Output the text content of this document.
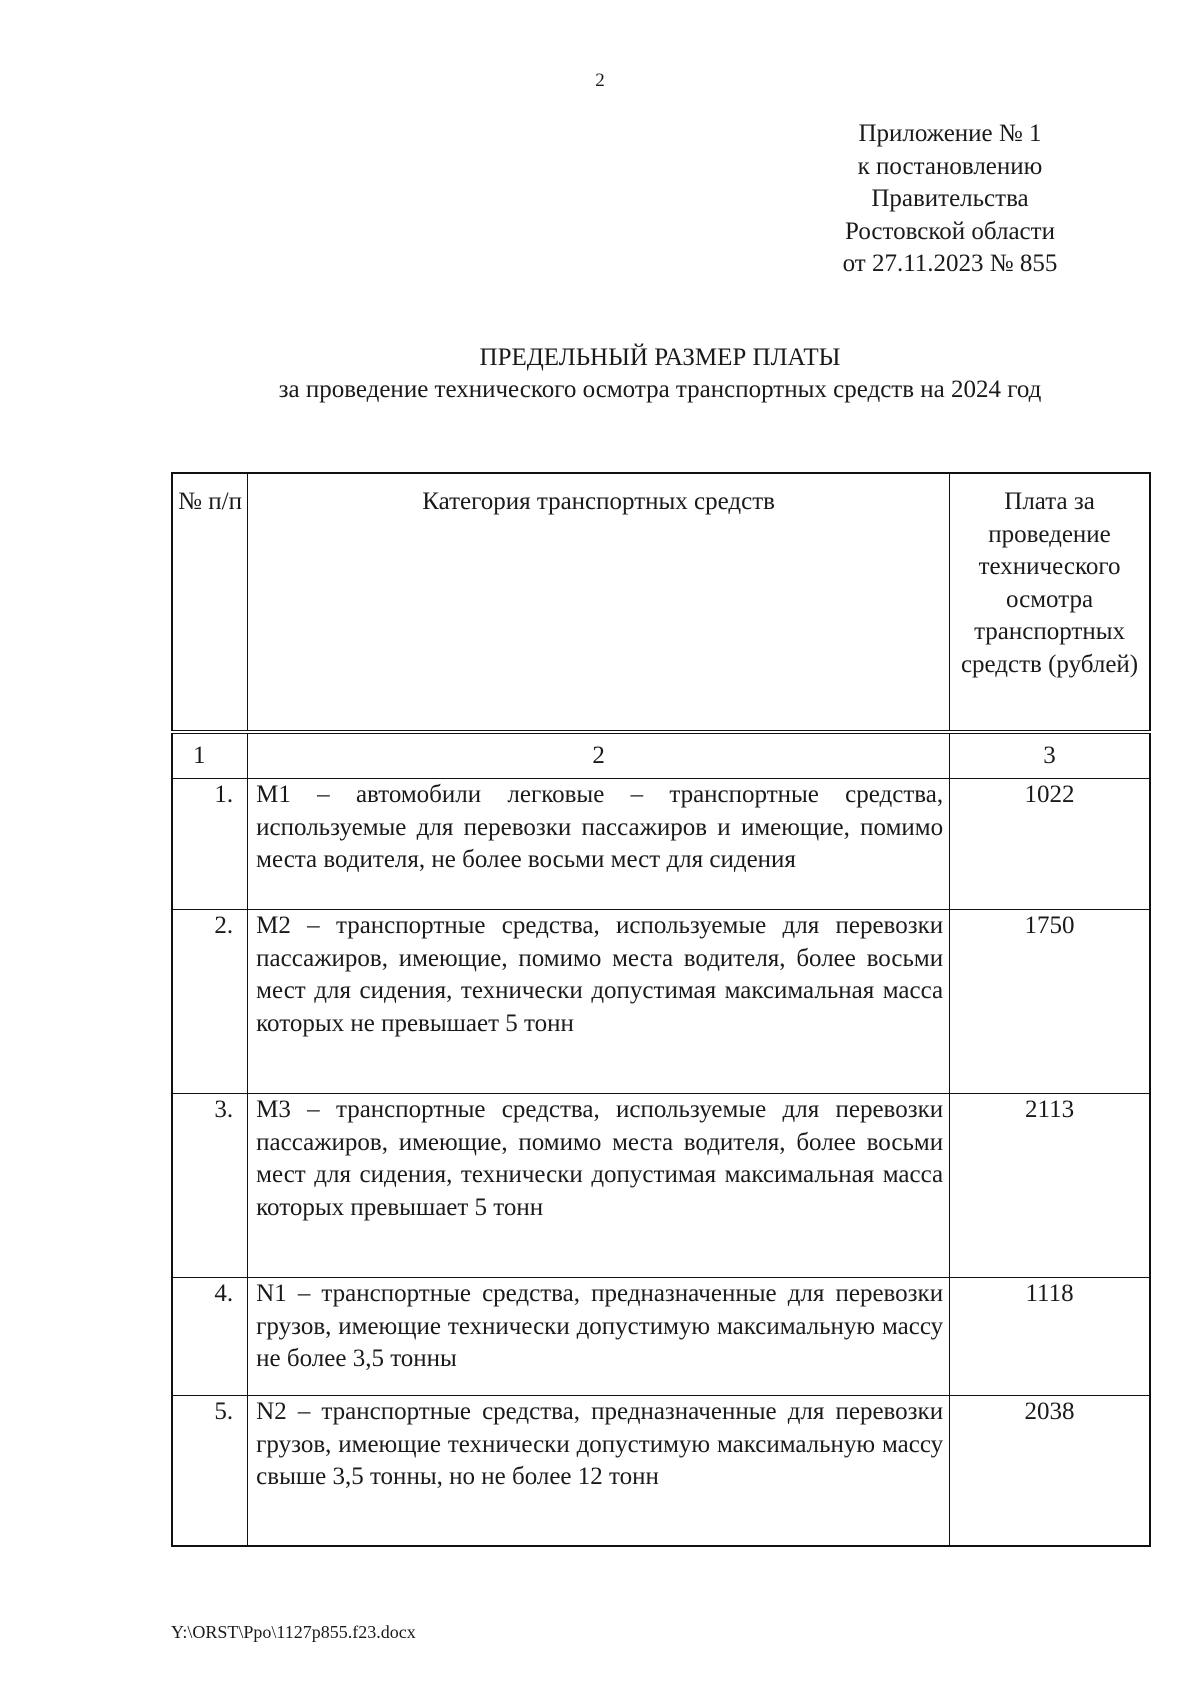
2
Приложение № 1
к постановлению
Правительства
Ростовской области
от 27.11.2023 № 855
ПРЕДЕЛЬНЫЙ РАЗМЕР ПЛАТЫ
за проведение технического осмотра транспортных средств на 2024 год
№ п/п	Категория транспортных средств	Плата за проведение технического осмотра транспортных средств (рублей)
1	2	3
1.	М1 – автомобили легковые – транспортные средства, используемые для перевозки пассажиров и имеющие, помимо места водителя, не более восьми мест для сидения	1022
2.	М2 – транспортные средства, используемые для перевозки пассажиров, имеющие, помимо места водителя, более восьми мест для сидения, технически допустимая максимальная масса которых не превышает 5 тонн	1750
3.	М3 – транспортные средства, используемые для перевозки пассажиров, имеющие, помимо места водителя, более восьми мест для сидения, технически допустимая максимальная масса которых превышает 5 тонн	2113
4.	N1 – транспортные средства, предназначенные для перевозки грузов, имеющие технически допустимую максимальную массу не более 3,5 тонны	1118
5.	N2 – транспортные средства, предназначенные для перевозки грузов, имеющие технически допустимую максимальную массу свыше 3,5 тонны, но не более 12 тонн	2038
Y:\ORST\Ppo\1127p855.f23.docx
